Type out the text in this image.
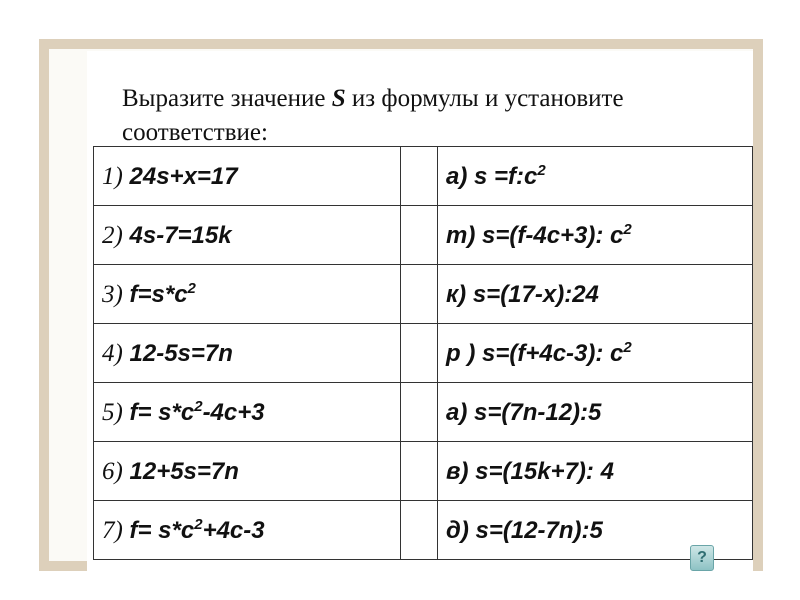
Выразите значение S из формулы и установите соответствие:
1) 24s+x=17		а) $s =f:c^2$
2) 4s-7=15k		т) s=(f-4c+3): $c^2$
3) $f=s*c^2$		к) s=(17-x):24
4) 12-5s=7n		р ) s=(f+4c-3): $c^2$
5) $f= s*c^2-4c+3$		а) s=(7n-12):5
6) 12+5s=7n		в) s=(15k+7): 4
7) $f= s*c^2+4c-3$		д) s=(12-7n):5
?
